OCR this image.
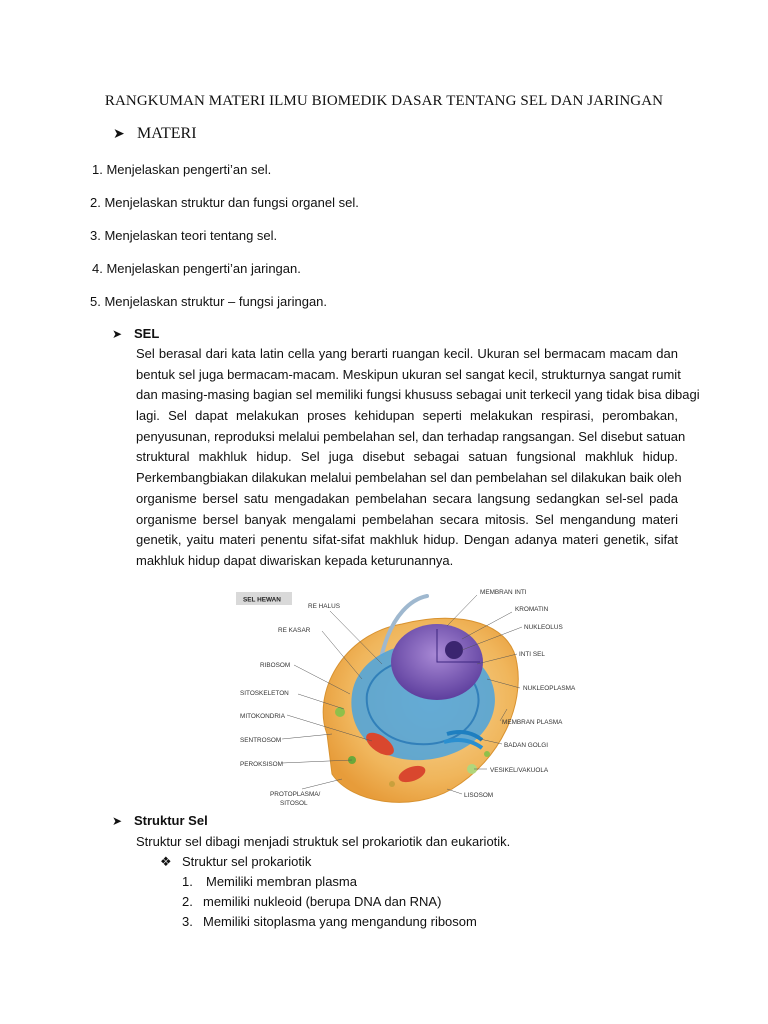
RANGKUMAN MATERI ILMU BIOMEDIK DASAR TENTANG SEL DAN JARINGAN
➤ MATERI
1. Menjelaskan pengerti’an sel.
2. Menjelaskan struktur dan fungsi organel sel.
3. Menjelaskan teori tentang sel.
4. Menjelaskan pengerti’an jaringan.
5. Menjelaskan struktur – fungsi jaringan.
➤ SEL
Sel berasal dari kata latin cella yang berarti ruangan kecil. Ukuran sel bermacam macam dan
bentuk sel juga bermacam-macam. Meskipun ukuran sel sangat kecil, strukturnya sangat rumit
dan masing-masing bagian sel memiliki fungsi khususs sebagai unit terkecil yang tidak bisa dibagi
lagi. Sel dapat melakukan proses kehidupan seperti melakukan respirasi, perombakan,
penyusunan, reproduksi melalui pembelahan sel, dan terhadap rangsangan. Sel disebut satuan
struktural makhluk hidup. Sel juga disebut sebagai satuan fungsional makhluk hidup.
Perkembangbiakan dilakukan melalui pembelahan sel dan pembelahan sel dilakukan baik oleh
organisme bersel satu mengadakan pembelahan secara langsung sedangkan sel-sel pada
organisme bersel banyak mengalami pembelahan secara mitosis. Sel mengandung materi
genetik, yaitu materi penentu sifat-sifat makhluk hidup. Dengan adanya materi genetik, sifat
makhluk hidup dapat diwariskan kepada keturunannya.
SEL HEWAN
RE HALUS
RE KASAR
RIBOSOM
SITOSKELETON
MITOKONDRIA
SENTROSOM
PEROKSISOM
PROTOPLASMA/
SITOSOL
MEMBRAN INTI
KROMATIN
NUKLEOLUS
INTI SEL
NUKLEOPLASMA
MEMBRAN PLASMA
BADAN GOLGI
VESIKEL/VAKUOLA
LISOSOM
➤ Struktur Sel
Struktur sel dibagi menjadi struktuk sel prokariotik dan eukariotik.
❖ Struktur sel prokariotik
1. Memiliki membran plasma
2. memiliki nukleoid (berupa DNA dan RNA)
3. Memiliki sitoplasma yang mengandung ribosom
